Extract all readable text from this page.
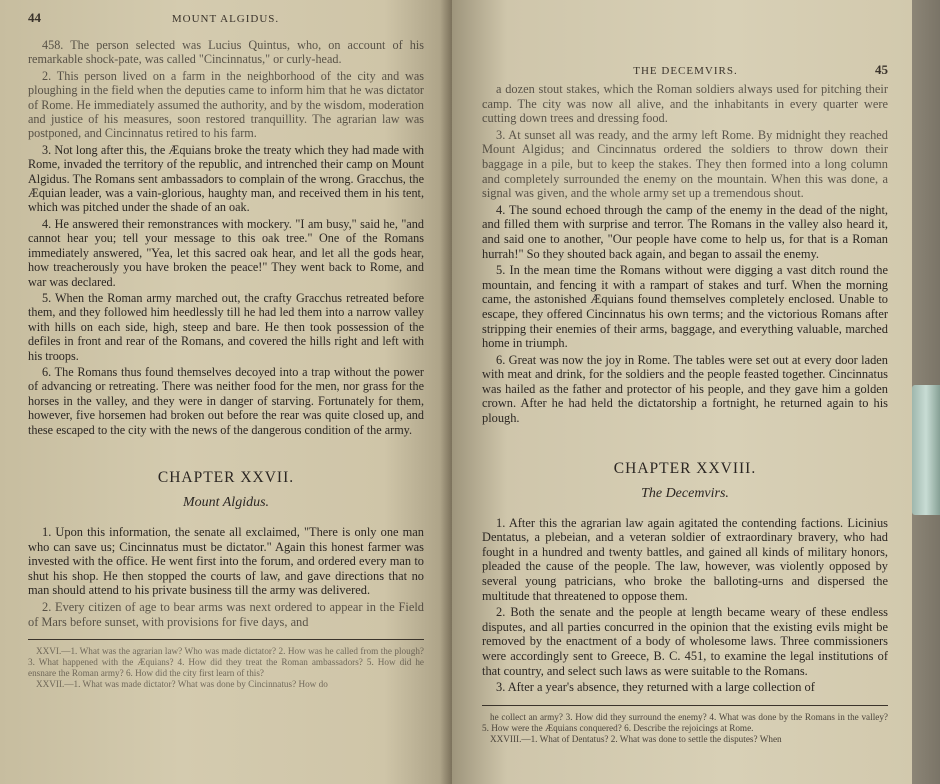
44	MOUNT ALGIDUS.

458. The person selected was Lucius Quintus, who, on account of his remarkable shock-pate, was called "Cincinnatus," or curly-head.

2. This person lived on a farm in the neighborhood of the city and was ploughing in the field when the deputies came to inform him that he was dictator of Rome. He immediately assumed the authority, and by the wisdom, moderation and justice of his measures, soon restored tranquillity. The agrarian law was postponed, and Cincinnatus retired to his farm.

3. Not long after this, the Æquians broke the treaty which they had made with Rome, invaded the territory of the republic, and intrenched their camp on Mount Algidus. The Romans sent ambassadors to complain of the wrong. Gracchus, the Æquian leader, was a vain-glorious, haughty man, and received them in his tent, which was pitched under the shade of an oak.

4. He answered their remonstrances with mockery. "I am busy," said he, "and cannot hear you; tell your message to this oak tree." One of the Romans immediately answered, "Yea, let this sacred oak hear, and let all the gods hear, how treacherously you have broken the peace!" They went back to Rome, and war was declared.

5. When the Roman army marched out, the crafty Gracchus retreated before them, and they followed him heedlessly till he had led them into a narrow valley with hills on each side, high, steep and bare. He then took possession of the defiles in front and rear of the Romans, and covered the hills right and left with his troops.

6. The Romans thus found themselves decoyed into a trap without the power of advancing or retreating. There was neither food for the men, nor grass for the horses in the valley, and they were in danger of starving. Fortunately for them, however, five horsemen had broken out before the rear was quite closed up, and these escaped to the city with the news of the dangerous condition of the army.

CHAPTER XXVII.
Mount Algidus.

1. Upon this information, the senate all exclaimed, "There is only one man who can save us; Cincinnatus must be dictator." Again this honest farmer was invested with the office. He went first into the forum, and ordered every man to shut his shop. He then stopped the courts of law, and gave directions that no man should attend to his private business till the army was delivered.

2. Every citizen of age to bear arms was next ordered to appear in the Field of Mars before sunset, with provisions for five days, and

XXVI.—1. What was the agrarian law? Who was made dictator? 2. How was he called from the plough? 3. What happened with the Æquians? 4. How did they treat the Roman ambassadors? 5. How did he ensnare the Roman army? 6. How did the city first learn of this?

XXVII.—1. What was made dictator? What was done by Cincinnatus? How do

THE DECEMVIRS.	45

a dozen stout stakes, which the Roman soldiers always used for pitching their camp. The city was now all alive, and the inhabitants in every quarter were cutting down trees and dressing food.

3. At sunset all was ready, and the army left Rome. By midnight they reached Mount Algidus; and Cincinnatus ordered the soldiers to throw down their baggage in a pile, but to keep the stakes. They then formed into a long column and completely surrounded the enemy on the mountain. When this was done, a signal was given, and the whole army set up a tremendous shout.

4. The sound echoed through the camp of the enemy in the dead of the night, and filled them with surprise and terror. The Romans in the valley also heard it, and said one to another, "Our people have come to help us, for that is a Roman hurrah!" So they shouted back again, and began to assail the enemy.

5. In the mean time the Romans without were digging a vast ditch round the mountain, and fencing it with a rampart of stakes and turf. When the morning came, the astonished Æquians found themselves completely enclosed. Unable to escape, they offered Cincinnatus his own terms; and the victorious Romans after stripping their enemies of their arms, baggage, and everything valuable, marched home in triumph.

6. Great was now the joy in Rome. The tables were set out at every door laden with meat and drink, for the soldiers and the people feasted together. Cincinnatus was hailed as the father and protector of his people, and they gave him a golden crown. After he had held the dictatorship a fortnight, he returned again to his plough.

CHAPTER XXVIII.
The Decemvirs.

1. After this the agrarian law again agitated the contending factions. Licinius Dentatus, a plebeian, and a veteran soldier of extraordinary bravery, who had fought in a hundred and twenty battles, and gained all kinds of military honors, pleaded the cause of the people. The law, however, was violently opposed by several young patricians, who broke the balloting-urns and dispersed the multitude that threatened to oppose them.

2. Both the senate and the people at length became weary of these endless disputes, and all parties concurred in the opinion that the existing evils might be removed by the enactment of a body of wholesome laws. Three commissioners were accordingly sent to Greece, B. C. 451, to examine the legal institutions of that country, and select such laws as were suitable to the Romans.

3. After a year's absence, they returned with a large collection of

he collect an army? 3. How did they surround the enemy? 4. What was done by the Romans in the valley? 5. How were the Æquians conquered? 6. Describe the rejoicings at Rome.

XXVIII.—1. What of Dentatus? 2. What was done to settle the disputes? When
